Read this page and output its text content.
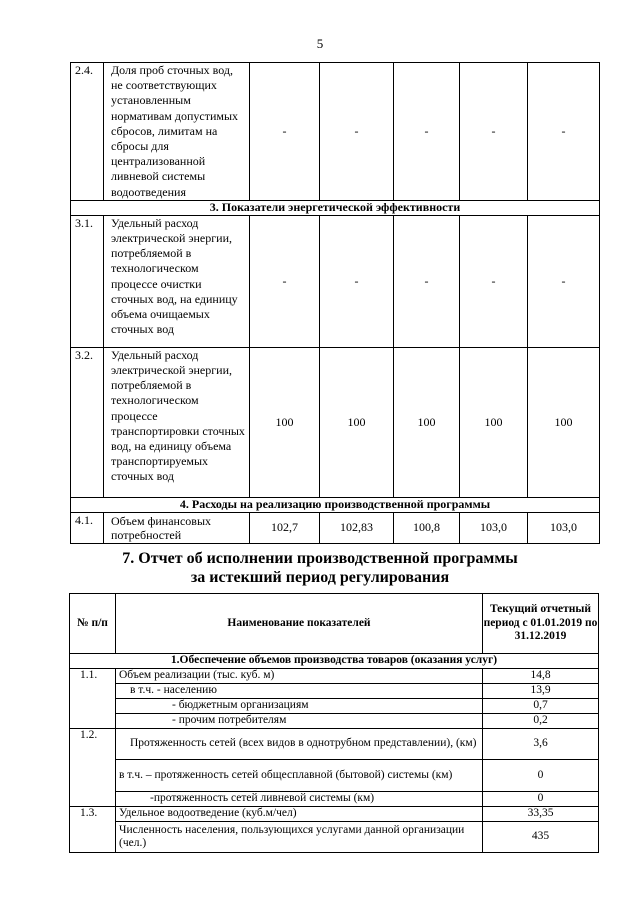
5
2.4.	Доля проб сточных вод, не соответствующих установленным нормативам допустимых сбросов, лимитам на сбросы для централизованной ливневой системы водоотведения	-	-	-	-	-
3. Показатели энергетической эффективности						
3.1.	Удельный расход электрической энергии, потребляемой в технологическом процессе очистки сточных вод, на единицу объема очищаемых сточных вод	-	-	-	-	-
3.2.	Удельный расход электрической энергии, потребляемой в технологическом процессе транспортировки сточных вод, на единицу объема транспортируемых сточных вод	100	100	100	100	100
4. Расходы на реализацию производственной программы						
4.1.	Объем финансовых потребностей	102,7	102,83	100,8	103,0	103,0
7. Отчет об исполнении производственной программы
за истекший период регулирования
№ п/п	Наименование показателей	Текущий отчетный период с 01.01.2019 по 31.12.2019
1.Обеспечение объемов производства товаров (оказания услуг)		
1.1.	Объем реализации (тыс. куб. м)	14,8
	в т.ч. - населению	13,9
	- бюджетным организациям	0,7
	- прочим потребителям	0,2
1.2.	Протяженность сетей (всех видов в однотрубном представлении), (км)	3,6
	в т.ч. – протяженность сетей общесплавной (бытовой) системы (км)	0
	-протяженность сетей ливневой системы (км)	0
1.3.	Удельное водоотведение (куб.м/чел)	33,35
	Численность населения, пользующихся услугами данной организации (чел.)	435
